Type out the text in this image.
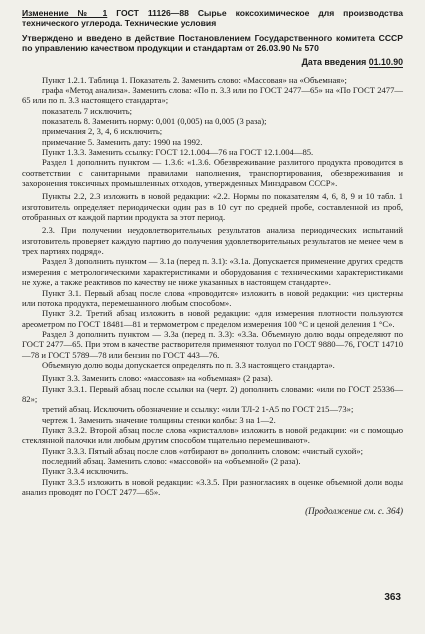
Изменение № 1 ГОСТ 11126—88 Сырье коксохимическое для производства технического углерода. Технические условия
Утверждено и введено в действие Постановлением Государственного комитета СССР по управлению качеством продукции и стандартам от 26.03.90 № 570
Дата введения 01.10.90

Пункт 1.2.1. Таблица 1. Показатель 2. Заменить слово: «Массовая» на «Объемная»;

графа «Метод анализа». Заменить слова: «По п. 3.3 или по ГОСТ 2477—65» на «По ГОСТ 2477—65 или по п. 3.3 настоящего стандарта»;

показатель 7 исключить;

показатель 8. Заменить норму: 0,001 (0,005) на 0,005 (3 раза);

примечания 2, 3, 4, 6 исключить;

примечание 5. Заменить дату: 1990 на 1992.

Пункт 1.3.3. Заменить ссылку: ГОСТ 12.1.004—76 на ГОСТ 12.1.004—85.

Раздел 1 дополнить пунктом — 1.3.6: «1.3.6. Обезвреживание разлитого продукта проводится в соответствии с санитарными правилами наполнения, транспортирования, обезвреживания и захоронения токсичных промышленных отходов, утвержденных Минздравом СССР».

Пункты 2.2, 2.3 изложить в новой редакции: «2.2. Нормы по показателям 4, 6, 8, 9 и 10 табл. 1 изготовитель определяет периодически один раз в 10 сут по средней пробе, составленной из проб, отобранных от каждой партии продукта за этот период.

2.3. При получении неудовлетворительных результатов анализа периодических испытаний изготовитель проверяет каждую партию до получения удовлетворительных результатов не менее чем в трех партиях подряд».

Раздел 3 дополнить пунктом — 3.1а (перед п. 3.1): «3.1а. Допускается применение других средств измерения с метрологическими характеристиками и оборудования с техническими характеристиками не хуже, а также реактивов по качеству не ниже указанных в настоящем стандарте».

Пункт 3.1. Первый абзац после слова «проводится» изложить в новой редакции: «из цистерны или потока продукта, перемешанного любым способом».

Пункт 3.2. Третий абзац изложить в новой редакции: «для измерения плотности пользуются ареометром по ГОСТ 18481—81 и термометром с пределом измерения 100 °С и ценой деления 1 °С».

Раздел 3 дополнить пунктом — 3.3а (перед п. 3.3): «3.3а. Объемную долю воды определяют по ГОСТ 2477—65. При этом в качестве растворителя применяют толуол по ГОСТ 9880—76, ГОСТ 14710—78 и ГОСТ 5789—78 или бензин по ГОСТ 443—76.

Объемную долю воды допускается определять по п. 3.3 настоящего стандарта».

Пункт 3.3. Заменить слово: «массовая» на «объемная» (2 раза).

Пункт 3.3.1. Первый абзац после ссылки на (черт. 2) дополнить словами: «или по ГОСТ 25336—82»;

третий абзац. Исключить обозначение и ссылку: «или ТЛ-2 1-А5 по ГОСТ 215—73»;

чертеж 1. Заменить значение толщины стенки колбы: 3 на 1—2.

Пункт 3.3.2. Второй абзац после слова «кристаллов» изложить в новой редакции: «и с помощью стеклянной палочки или любым другим способом тщательно перемешивают».

Пункт 3.3.3. Пятый абзац после слов «отбирают в» дополнить словом: «чистый сухой»;

последний абзац. Заменить слово: «массовой» на «объемной» (2 раза).

Пункт 3.3.4 исключить.

Пункт 3.3.5 изложить в новой редакции: «3.3.5. При разногласиях в оценке объемной доли воды анализ проводят по ГОСТ 2477—65».

(Продолжение см. с. 364)
363
